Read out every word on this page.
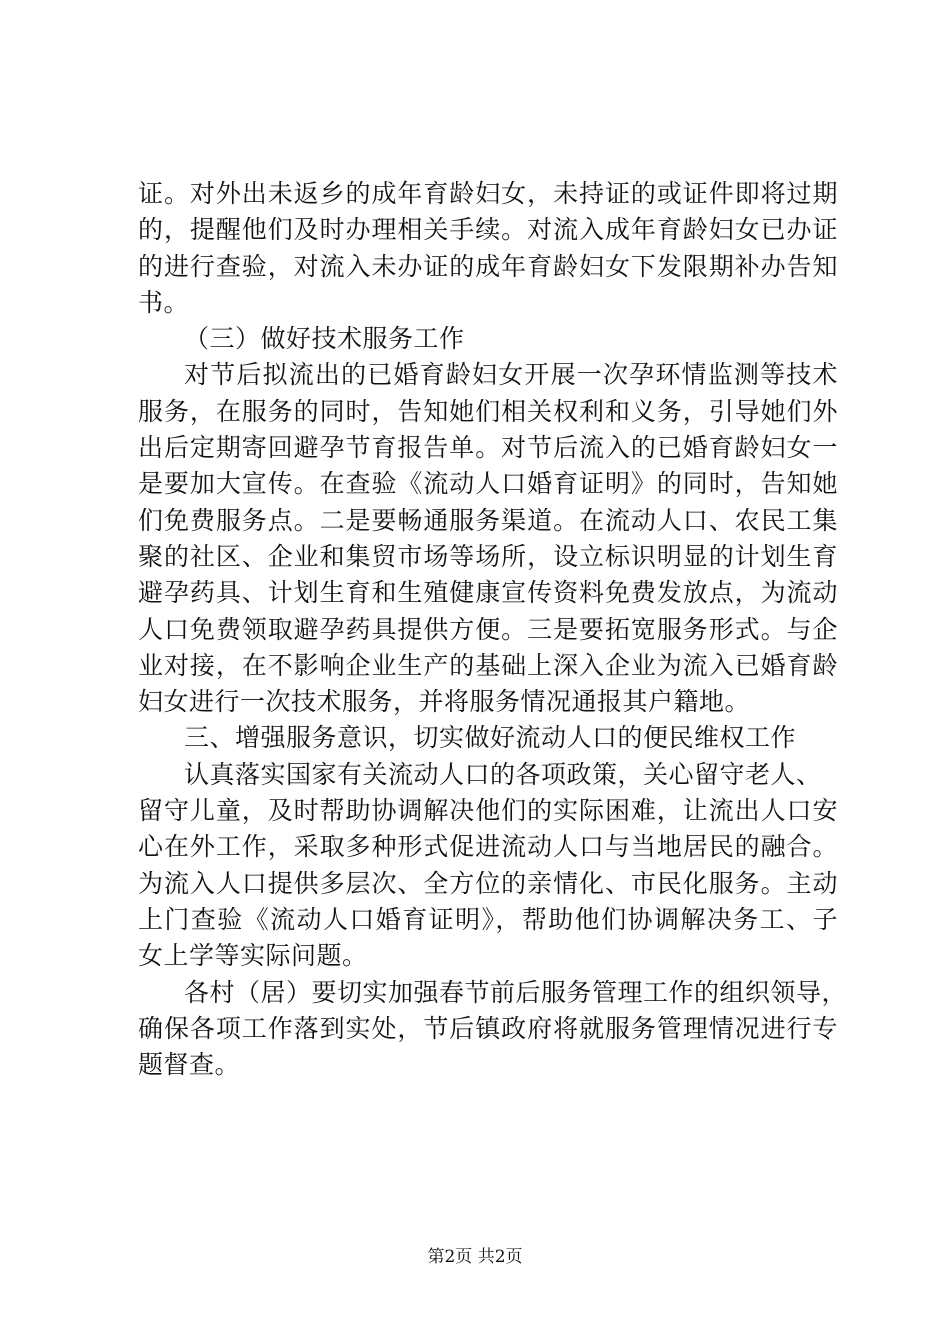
证。对外出未返乡的成年育龄妇女，未持证的或证件即将过期
的，提醒他们及时办理相关手续。对流入成年育龄妇女已办证
的进行查验，对流入未办证的成年育龄妇女下发限期补办告知
书。
（三）做好技术服务工作
对节后拟流出的已婚育龄妇女开展一次孕环情监测等技术
服务，在服务的同时，告知她们相关权利和义务，引导她们外
出后定期寄回避孕节育报告单。对节后流入的已婚育龄妇女一
是要加大宣传。在查验《流动人口婚育证明》的同时，告知她
们免费服务点。二是要畅通服务渠道。在流动人口、农民工集
聚的社区、企业和集贸市场等场所，设立标识明显的计划生育
避孕药具、计划生育和生殖健康宣传资料免费发放点，为流动
人口免费领取避孕药具提供方便。三是要拓宽服务形式。与企
业对接，在不影响企业生产的基础上深入企业为流入已婚育龄
妇女进行一次技术服务，并将服务情况通报其户籍地。
三、增强服务意识，切实做好流动人口的便民维权工作
认真落实国家有关流动人口的各项政策，关心留守老人、
留守儿童，及时帮助协调解决他们的实际困难，让流出人口安
心在外工作，采取多种形式促进流动人口与当地居民的融合。
为流入人口提供多层次、全方位的亲情化、市民化服务。主动
上门查验《流动人口婚育证明》，帮助他们协调解决务工、子
女上学等实际问题。
各村（居）要切实加强春节前后服务管理工作的组织领导，
确保各项工作落到实处，节后镇政府将就服务管理情况进行专
题督查。
第2页 共2页
